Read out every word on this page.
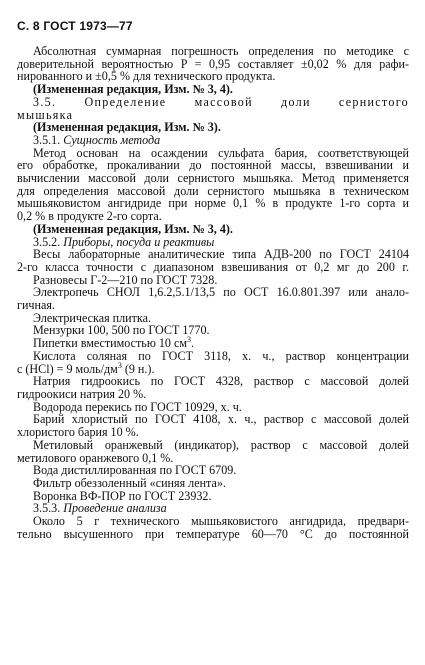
С. 8 ГОСТ 1973—77
Абсолютная суммарная погрешность определения по методике с
доверительной вероятностью P = 0,95 составляет ±0,02 % для рафи-
нированного и ±0,5 % для технического продукта.
(Измененная редакция, Изм. № 3, 4).
3.5. Определение массовой доли сернистого
мышьяка
(Измененная редакция, Изм. № 3).
3.5.1. Сущность метода
Метод основан на осаждении сульфата бария, соответствующей
его обработке, прокаливании до постоянной массы, взвешивании и
вычислении массовой доли сернистого мышьяка. Метод применяется
для определения массовой доли сернистого мышьяка в техническом
мышьяковистом ангидриде при норме 0,1 % в продукте 1-го сорта и
0,2 % в продукте 2-го сорта.
(Измененная редакция, Изм. № 3, 4).
3.5.2. Приборы, посуда и реактивы
Весы лабораторные аналитические типа АДВ-200 по ГОСТ 24104
2-го класса точности с диапазоном взвешивания от 0,2 мг до 200 г.
Разновесы Г-2—210 по ГОСТ 7328.
Электропечь СНОЛ 1,6.2,5.1/13,5 по ОСТ 16.0.801.397 или анало-
гичная.
Электрическая плитка.
Мензурки 100, 500 по ГОСТ 1770.
Пипетки вместимостью 10 $см^3$.
Кислота соляная по ГОСТ 3118, х. ч., раствор концентрации
c (HCl) = 9 моль/$дм^3$ (9 н.).
Натрия гидроокись по ГОСТ 4328, раствор с массовой долей
гидроокиси натрия 20 %.
Водорода перекись по ГОСТ 10929, х. ч.
Барий хлористый по ГОСТ 4108, х. ч., раствор с массовой долей
хлористого бария 10 %.
Метиловый оранжевый (индикатор), раствор с массовой долей
метилового оранжевого 0,1 %.
Вода дистиллированная по ГОСТ 6709.
Фильтр обеззоленный «синяя лента».
Воронка ВФ-ПОР по ГОСТ 23932.
3.5.3. Проведение анализа
Около 5 г технического мышьяковистого ангидрида, предвари-
тельно высушенного при температуре 60—70 °С до постоянной
